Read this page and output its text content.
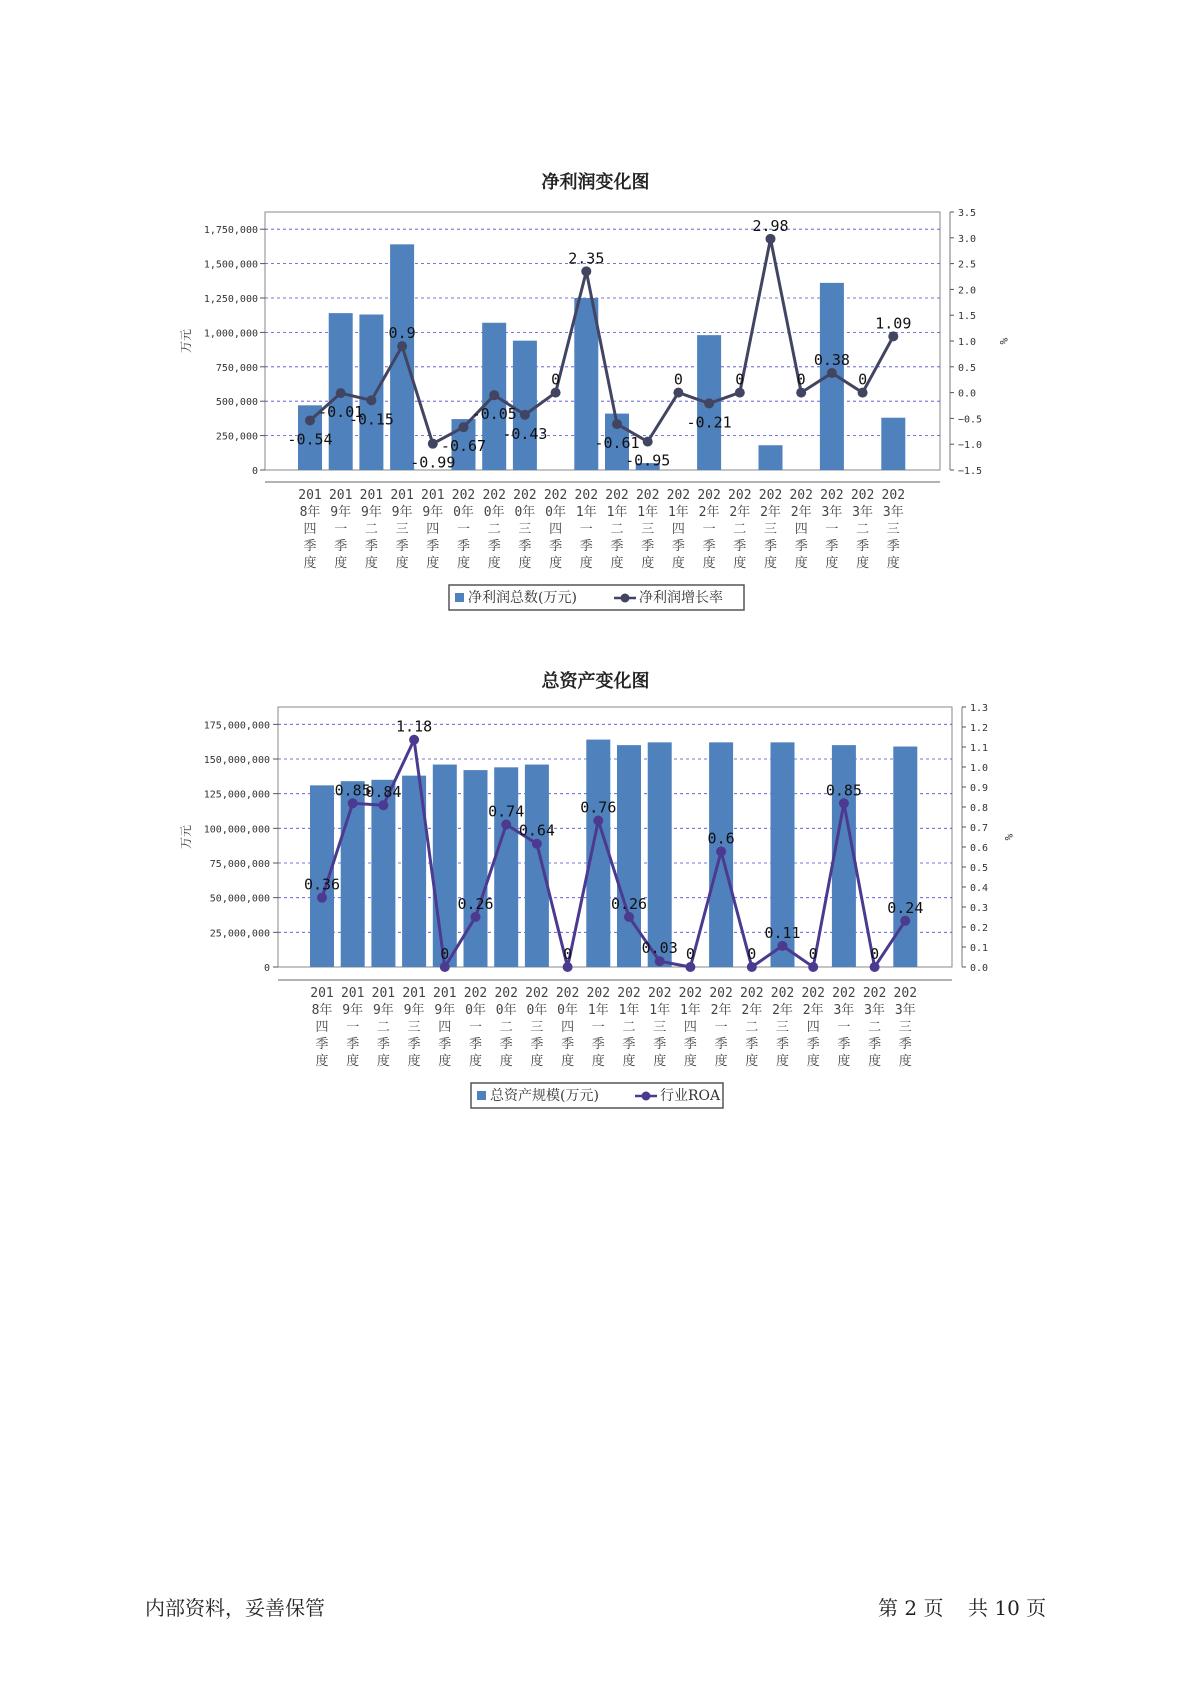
净利润变化图
0
250,000
500,000
750,000
1,000,000
1,250,000
1,500,000
1,750,000
−1.5
−1.0
−0.5
0.0
0.5
1.0
1.5
2.0
2.5
3.0
3.5
万元	%
-0.54
-0.01
-0.15
0.9
-0.99
-0.67
-0.05
-0.43
0
2.35
-0.61
-0.95
0
-0.21
0
2.98
0
0.38
0
1.09
201
8年
四
季
度
201
9年
一
季
度
201
9年
二
季
度
201
9年
三
季
度
201
9年
四
季
度
202
0年
一
季
度
202
0年
二
季
度
202
0年
三
季
度
202
0年
四
季
度
202
1年
一
季
度
202
1年
二
季
度
202
1年
三
季
度
202
1年
四
季
度
202
2年
一
季
度
202
2年
二
季
度
202
2年
三
季
度
202
2年
四
季
度
202
3年
一
季
度
202
3年
二
季
度
202
3年
三
季
度
净利润总数(万元)	净利润增长率
总资产变化图
0
25,000,000
50,000,000
75,000,000
100,000,000
125,000,000
150,000,000
175,000,000
0.0
0.1
0.2
0.3
0.4
0.5
0.6
0.7
0.8
0.9
1.0
1.1
1.2
1.3
万元	%
0.36
0.85
0.84
1.18
0
0.26
0.74
0.64
0
0.76
0.26
0.03 0
0.6
0
0.11
0
0.85
0
0.24
201
8年
四
季
度
201
9年
一
季
度
201
9年
二
季
度
201
9年
三
季
度
201
9年
四
季
度
202
0年
一
季
度
202
0年
二
季
度
202
0年
三
季
度
202
0年
四
季
度
202
1年
一
季
度
202
1年
二
季
度
202
1年
三
季
度
202
1年
四
季
度
202
2年
一
季
度
202
2年
二
季
度
202
2年
三
季
度
202
2年
四
季
度
202
3年
一
季
度
202
3年
二
季
度
202
3年
三
季
度
总资产规模(万元)	行业ROA
内部资料，妥善保管	第 2 页 共 10 页
